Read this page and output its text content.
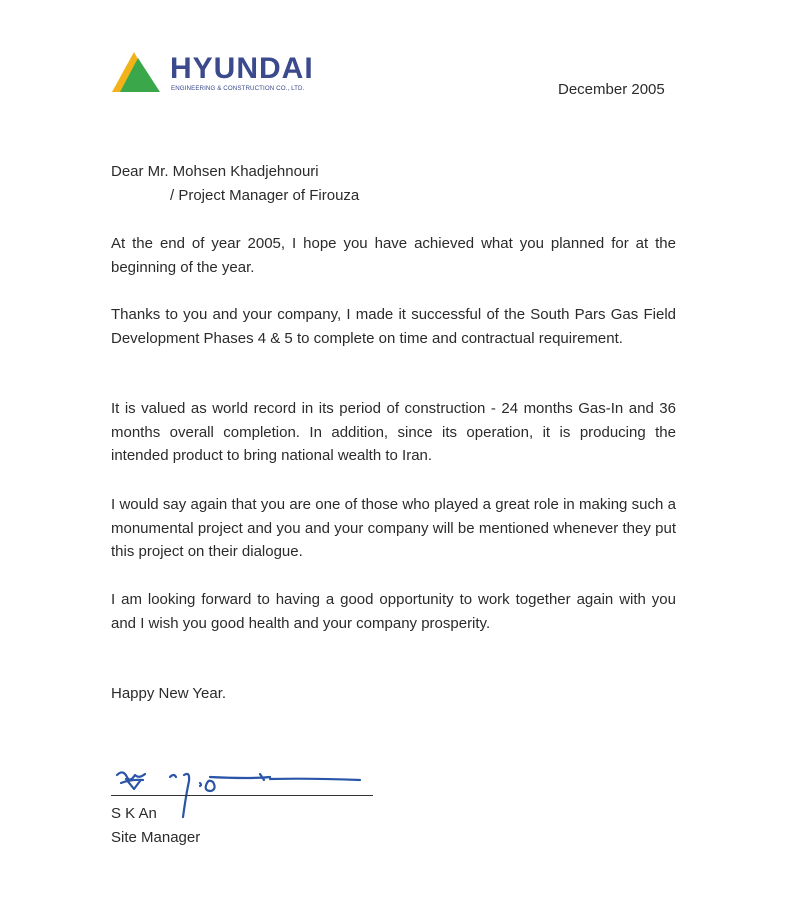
HYUNDAI
ENGINEERING & CONSTRUCTION CO., LTD.	December 2005
Dear Mr. Mohsen Khadjehnouri
/ Project Manager of Firouza
At the end of year 2005, I hope you have achieved what you planned for at the beginning of the year.
Thanks to you and your company, I made it successful of the South Pars Gas Field Development Phases 4 & 5 to complete on time and contractual requirement.
It is valued as world record in its period of construction - 24 months Gas-In and 36 months overall completion. In addition, since its operation, it is producing the intended product to bring national wealth to Iran.
I would say again that you are one of those who played a great role in making such a monumental project and you and your company will be mentioned whenever they put this project on their dialogue.
I am looking forward to having a good opportunity to work together again with you and I wish you good health and your company prosperity.
Happy New Year.
S K An
Site Manager
